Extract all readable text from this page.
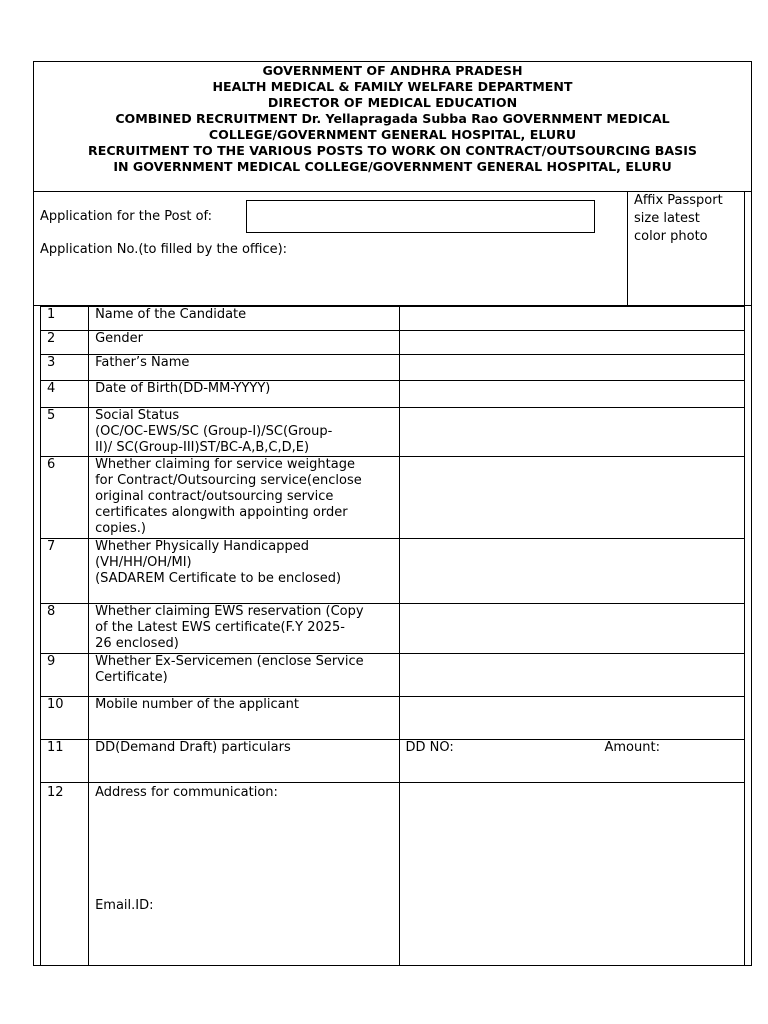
GOVERNMENT OF ANDHRA PRADESH
HEALTH MEDICAL & FAMILY WELFARE DEPARTMENT
DIRECTOR OF MEDICAL EDUCATION
COMBINED RECRUITMENT Dr. Yellapragada Subba Rao GOVERNMENT MEDICAL
COLLEGE/GOVERNMENT GENERAL HOSPITAL, ELURU
RECRUITMENT TO THE VARIOUS POSTS TO WORK ON CONTRACT/OUTSOURCING BASIS
IN GOVERNMENT MEDICAL COLLEGE/GOVERNMENT GENERAL HOSPITAL, ELURU
Application for the Post of:
Application No.(to filled by the office):
Affix Passport
size latest
color photo
1	Name of the Candidate	
2	Gender	
3	Father’s Name	
4	Date of Birth(DD-MM-YYYY)	
5	Social Status
(OC/OC-EWS/SC (Group-I)/SC(Group-
II)/ SC(Group-III)ST/BC-A,B,C,D,E)	

6	Whether claiming for service weightage
for Contract/Outsourcing service(enclose
original contract/outsourcing service
certificates alongwith appointing order
copies.)	

7	Whether Physically Handicapped
(VH/HH/OH/MI)
(SADAREM Certificate to be enclosed)	

8	Whether claiming EWS reservation (Copy
of the Latest EWS certificate(F.Y 2025-
26 enclosed)	

9	Whether Ex-Servicemen (enclose Service
Certificate)	

10	Mobile number of the applicant	
11	DD(Demand Draft) particulars	DD NO: Amount:

12	Address for communication:
Email.ID:	
